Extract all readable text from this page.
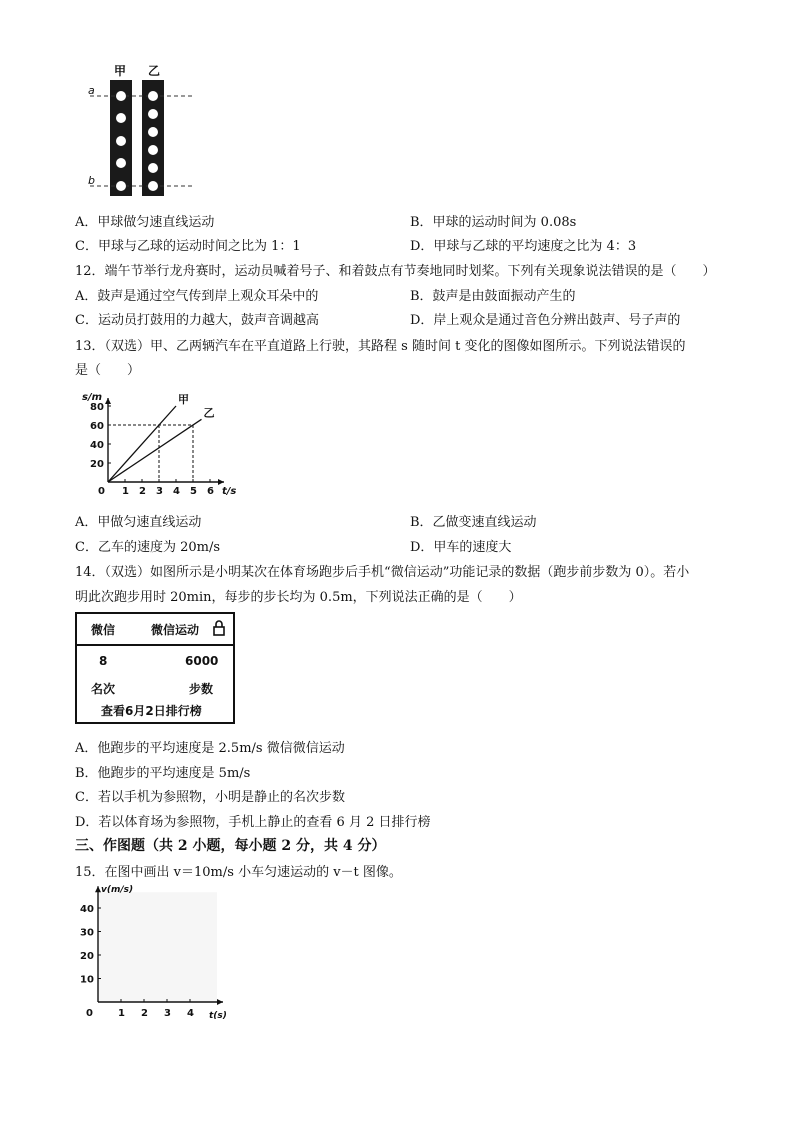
甲 乙
a
b
A．甲球做匀速直线运动	B．甲球的运动时间为 0.08s
C．甲球与乙球的运动时间之比为 1：1	D．甲球与乙球的平均速度之比为 4：3
12．端午节举行龙舟赛时，运动员喊着号子、和着鼓点有节奏地同时划桨。下列有关现象说法错误的是（　　）
A．鼓声是通过空气传到岸上观众耳朵中的	B．鼓声是由鼓面振动产生的
C．运动员打鼓用的力越大，鼓声音调越高	D．岸上观众是通过音色分辨出鼓声、号子声的
13．（双选）甲、乙两辆汽车在平直道路上行驶，其路程 s 随时间 t 变化的图像如图所示。下列说法错误的
是（　　）
s/m
t/s
0 1 2 3 4 5 6
20
40
60
80
甲
乙
A．甲做匀速直线运动	B．乙做变速直线运动
C．乙车的速度为 20m/s	D．甲车的速度大
14．（双选）如图所示是小明某次在体育场跑步后手机“微信运动”功能记录的数据（跑步前步数为 0）。若小
明此次跑步用时 20min，每步的步长均为 0.5m，下列说法正确的是（　　）
微信	微信运动
8	6000
名次	步数
查看6月2日排行榜
A．他跑步的平均速度是 2.5m/s 微信微信运动
B．他跑步的平均速度是 5m/s
C．若以手机为参照物，小明是静止的名次步数
D．若以体育场为参照物，手机上静止的查看 6 月 2 日排行榜
三、作图题（共 2 小题，每小题 2 分，共 4 分）
15．在图中画出 v＝10m/s 小车匀速运动的 v－t 图像。
v(m/s)
t(s)
0	1 2 3 4
10
20
30
40
